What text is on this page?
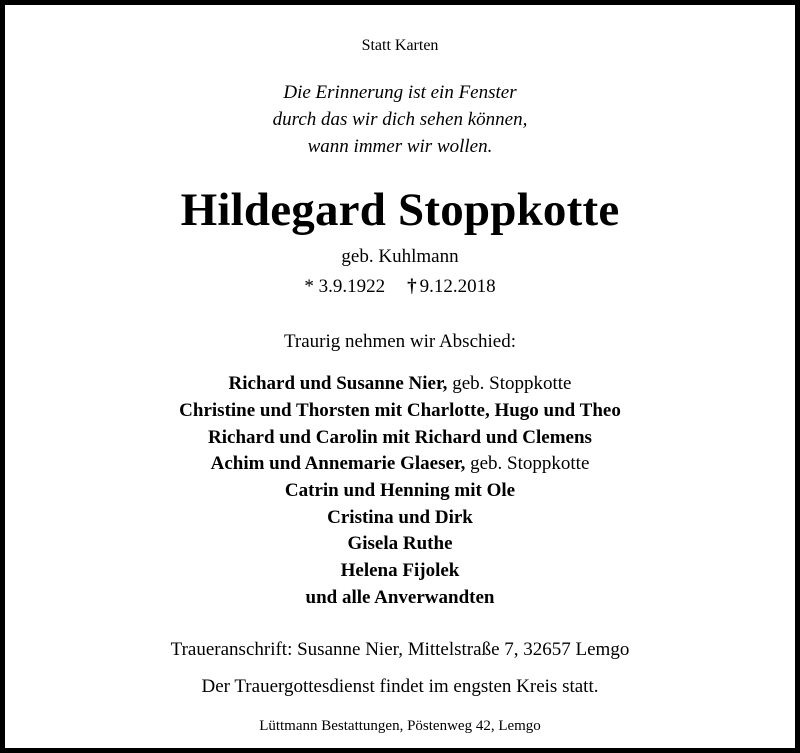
Statt Karten
Die Erinnerung ist ein Fenster
durch das wir dich sehen können,
wann immer wir wollen.
Hildegard Stoppkotte
geb. Kuhlmann
* 3.9.1922 † 9.12.2018
Traurig nehmen wir Abschied:
Richard und Susanne Nier, geb. Stoppkotte
Christine und Thorsten mit Charlotte, Hugo und Theo
Richard und Carolin mit Richard und Clemens
Achim und Annemarie Glaeser, geb. Stoppkotte
Catrin und Henning mit Ole
Cristina und Dirk
Gisela Ruthe
Helena Fijolek
und alle Anverwandten
Traueranschrift: Susanne Nier, Mittelstraße 7, 32657 Lemgo
Der Trauergottesdienst findet im engsten Kreis statt.
Lüttmann Bestattungen, Pöstenweg 42, Lemgo
